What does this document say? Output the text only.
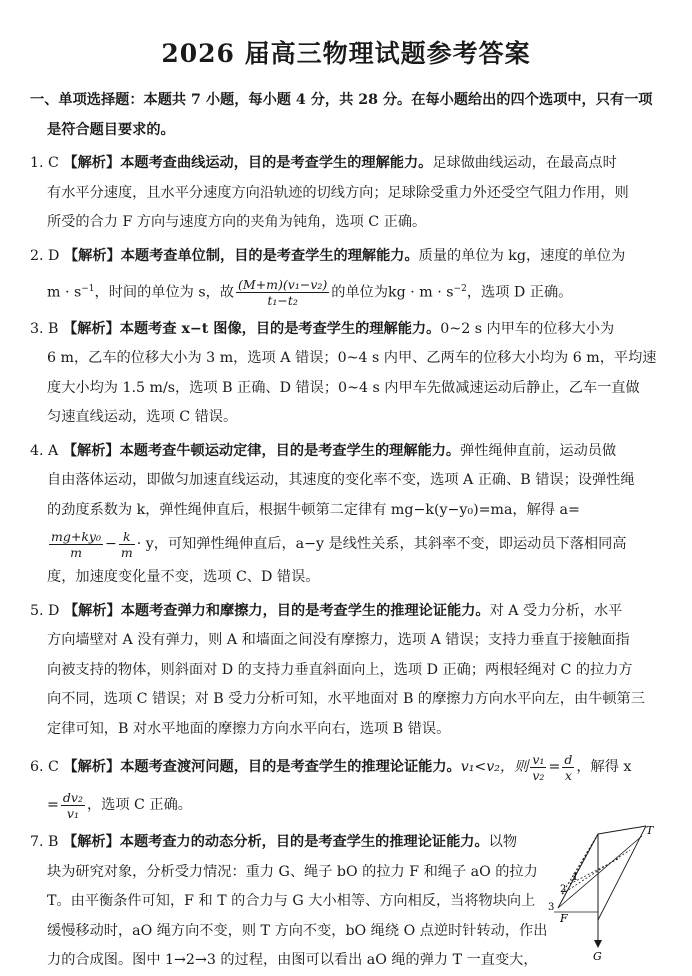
2026 届高三物理试题参考答案

一、单项选择题：本题共 7 小题，每小题 4 分，共 28 分。在每小题给出的四个选项中，只有一项

是符合题目要求的。

1. C 【解析】本题考查曲线运动，目的是考查学生的理解能力。足球做曲线运动，在最高点时

有水平分速度，且水平分速度方向沿轨迹的切线方向；足球除受重力外还受空气阻力作用，则

所受的合力 F 方向与速度方向的夹角为钝角，选项 C 正确。

2. D 【解析】本题考查单位制，目的是考查学生的理解能力。质量的单位为 kg，速度的单位为

$m \cdot s^{-1}$，时间的单位为 s，故 $\frac{\text{(M+m)(v₁−v₂)}}{\text{t₁−t₂}}$ 的单位为kg · $m \cdot s^{-2}$，选项 D 正确。

3. B 【解析】本题考查 x−t 图像，目的是考查学生的理解能力。0~2 s 内甲车的位移大小为

6 m，乙车的位移大小为 3 m，选项 A 错误；0~4 s 内甲、乙两车的位移大小均为 6 m，平均速

度大小均为 1.5 m/s，选项 B 正确、D 错误；0~4 s 内甲车先做减速运动后静止，乙车一直做

匀速直线运动，选项 C 错误。

4. A 【解析】本题考查牛顿运动定律，目的是考查学生的理解能力。弹性绳伸直前，运动员做

自由落体运动，即做匀加速直线运动，其速度的变化率不变，选项 A 正确、B 错误；设弹性绳

的劲度系数为 k，弹性绳伸直后，根据牛顿第二定律有 mg−k(y−y₀)=ma，解得 a=

$\frac{\text{mg+ky₀}}{m} - \frac{k}{m} \cdot y$，可知弹性绳伸直后，a−y 是线性关系，其斜率不变，即运动员下落相同高

度，加速度变化量不变，选项 C、D 错误。

5. D 【解析】本题考查弹力和摩擦力，目的是考查学生的推理论证能力。对 A 受力分析，水平

方向墙壁对 A 没有弹力，则 A 和墙面之间没有摩擦力，选项 A 错误；支持力垂直于接触面指

向被支持的物体，则斜面对 D 的支持力垂直斜面向上，选项 D 正确；两根轻绳对 C 的拉力方

向不同，选项 C 错误；对 B 受力分析可知，水平地面对 B 的摩擦力方向水平向左，由牛顿第三

定律可知，B 对水平地面的摩擦力方向水平向右，选项 B 错误。

6. C 【解析】本题考查渡河问题，目的是考查学生的推理论证能力。v₁<v₂，则 $\frac{\text{v₁}}{\text{v₂}} = \frac{d}{x}$ ，解得 x

= $\frac{\text{dv₂}}{\text{v₁}}$ ，选项 C 正确。

7. B 【解析】本题考查力的动态分析，目的是考查学生的推理论证能力。以物

块为研究对象，分析受力情况：重力 G、绳子 bO 的拉力 F 和绳子 aO 的拉力

T。由平衡条件可知，F 和 T 的合力与 G 大小相等、方向相反，当将物块向上

缓慢移动时，aO 绳方向不变，则 T 方向不变，bO 绳绕 O 点逆时针转动，作出

力的合成图。图中 1→2→3 的过程，由图可以看出 aO 绳的弹力 T 一直变大，

T
F
G
1
2
3
